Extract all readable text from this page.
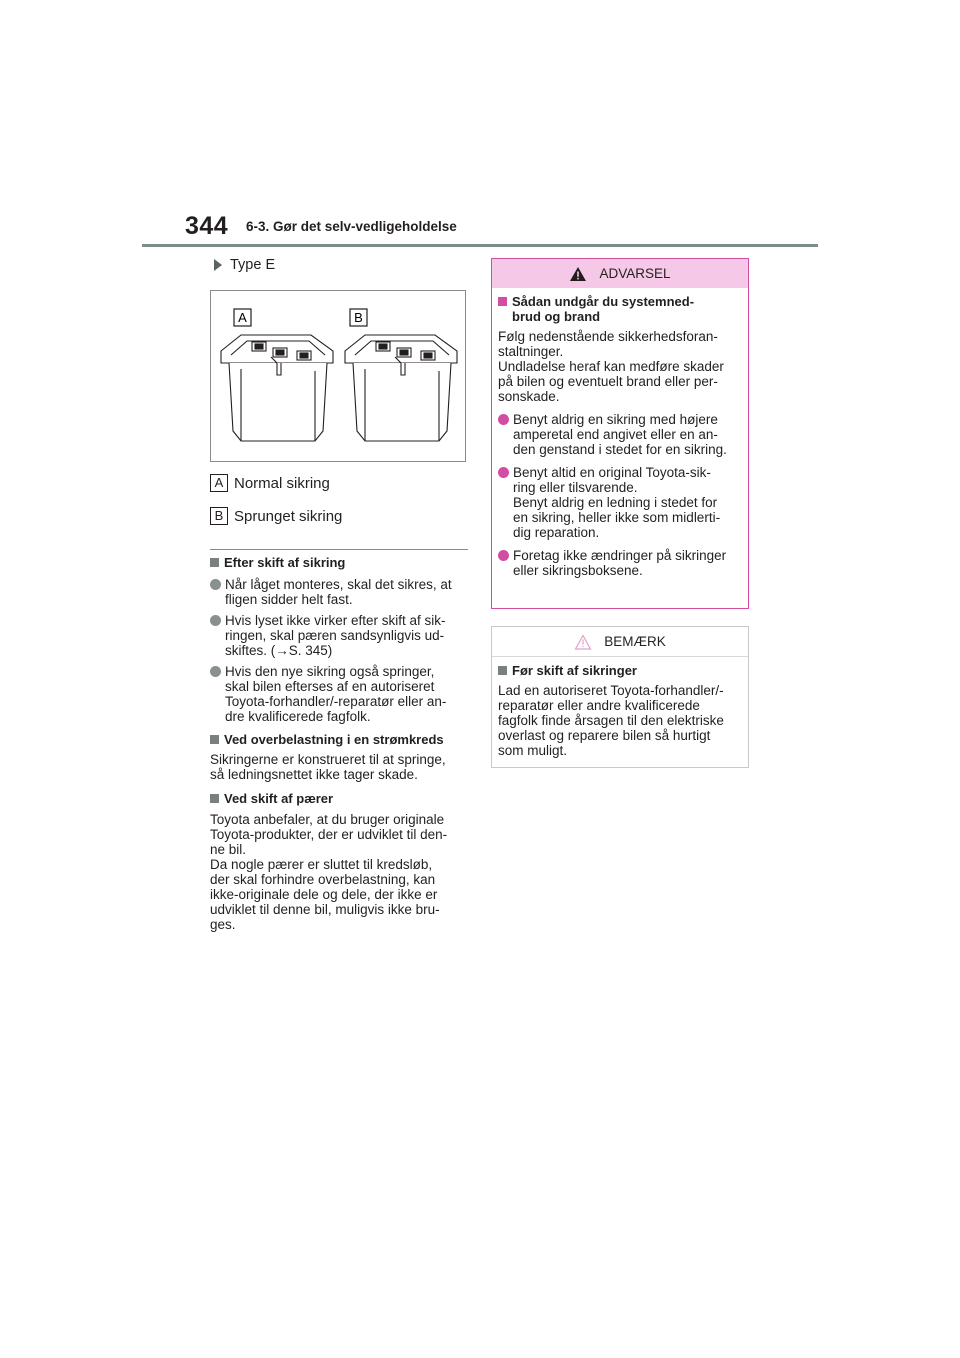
344 6-3. Gør det selv-vedligeholdelse
Type E
A	B
A Normal sikring
B Sprunget sikring
Efter skift af sikring
Når låget monteres, skal det sikres, at
fligen sidder helt fast.
Hvis lyset ikke virker efter skift af sik-
ringen, skal pæren sandsynligvis ud-
skiftes. (→S. 345)
Hvis den nye sikring også springer,
skal bilen efterses af en autoriseret
Toyota-forhandler/-reparatør eller an-
dre kvalificerede fagfolk.
Ved overbelastning i en strømkreds
Sikringerne er konstrueret til at springe,
så ledningsnettet ikke tager skade.
Ved skift af pærer
Toyota anbefaler, at du bruger originale
Toyota-produkter, der er udviklet til den-
ne bil.
Da nogle pærer er sluttet til kredsløb,
der skal forhindre overbelastning, kan
ikke-originale dele og dele, der ikke er
udviklet til denne bil, muligvis ikke bru-
ges.
ADVARSEL
Sådan undgår du systemned-
brud og brand
Følg nedenstående sikkerhedsforan-
staltninger.
Undladelse heraf kan medføre skader
på bilen og eventuelt brand eller per-
sonskade.
Benyt aldrig en sikring med højere
amperetal end angivet eller en an-
den genstand i stedet for en sikring.
Benyt altid en original Toyota-sik-
ring eller tilsvarende.
Benyt aldrig en ledning i stedet for
en sikring, heller ikke som midlerti-
dig reparation.
Foretag ikke ændringer på sikringer
eller sikringsboksene.
BEMÆRK
Før skift af sikringer
Lad en autoriseret Toyota-forhandler/-
reparatør eller andre kvalificerede
fagfolk finde årsagen til den elektriske
overlast og reparere bilen så hurtigt
som muligt.
